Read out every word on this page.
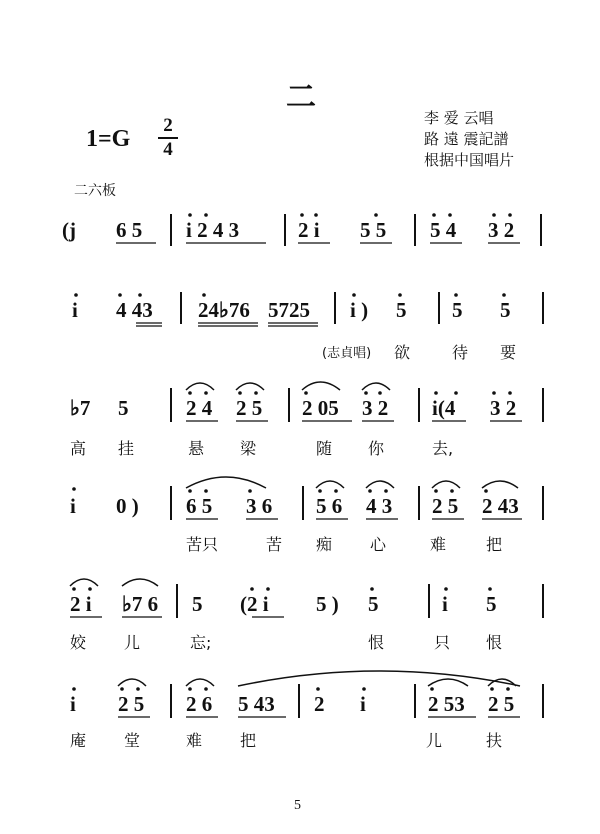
二
1=G
2
4
李 爱 云唱
路 遠 震記譜
根据中国唱片
二六板
(j 6 5 i 2 4 3	2 i 5 5 5 4 3 2
i 4 43 24♭76 5725 i ) 5 5 5
(志貞唱) 欲	待 要
♭7 5	2 4 2 5 2 05 3 2 i(4 3 2
高 挂	悬 梁	随 你	去,
i 0 ) 6 5 3 6 5 6 4 3 2 5 2 43
苦只	苦 痴 心	难 把
2 i ♭7 6 5 (2 i 5 ) 5	i 5
姣 儿	忘;	恨	只 恨
i 2 5 2 6 5 43 2 i	2 53 2 5
庵 堂	难 把	儿	扶
5
